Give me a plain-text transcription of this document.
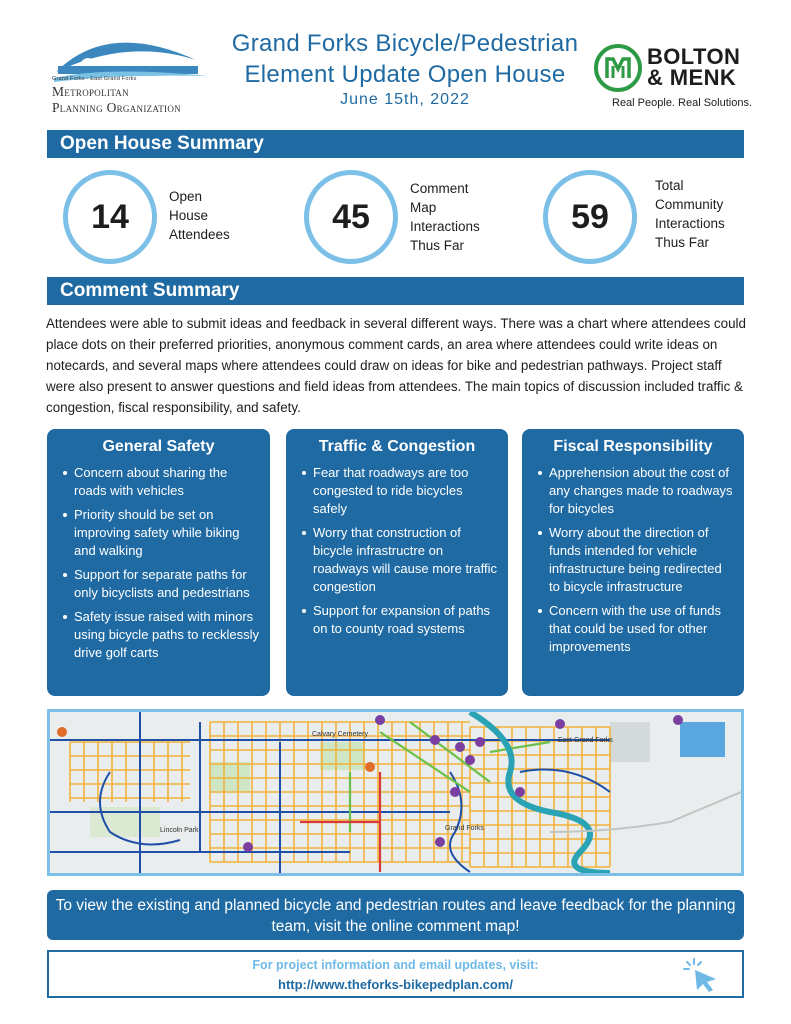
Grand Forks - East Grand Forks
Metropolitan
Planning Organization
Grand Forks Bicycle/Pedestrian
Element Update Open House
June 15th, 2022
BOLTON
& MENK
Real People. Real Solutions.
Open House Summary
14
Open House
Attendees	45
Comment Map
Interactions
Thus Far
59
Total
Community
Interactions
Thus Far
Comment Summary

Attendees were able to submit ideas and feedback in several different ways. There was a chart where attendees could place dots on their preferred priorities, anonymous comment cards, an area where attendees could write ideas on notecards, and several maps where attendees could draw on ideas for bike and pedestrian pathways. Project staff were also present to answer questions and field ideas from attendees. The main topics of discussion included traffic & congestion, fiscal responsibility, and safety.

General Safety
Concern about sharing the roads with vehicles
Priority should be set on improving safety while biking and walking
Support for separate paths for only bicyclists and pedestrians
Safety issue raised with minors using bicycle paths to recklessly drive golf carts
Traffic & Congestion
Fear that roadways are too congested to ride bicycles safely
Worry that construction of bicycle infrastructre on roadways will cause more traffic congestion
Support for expansion of paths on to county road systems
Fiscal Responsibility
Apprehension about the cost of any changes made to roadways for bicycles
Worry about the direction of funds intended for vehicle infrastructure being redirected to bicycle infrastructure
Concern with the use of funds that could be used for other improvements
Grand Forks
East Grand Forks
Calvary Cemetery
Lincoln Park
To view the existing and planned bicycle and pedestrian routes and leave feedback for the planning team, visit the online comment map!
For project information and email updates, visit:
http://www.theforks-bikepedplan.com/
